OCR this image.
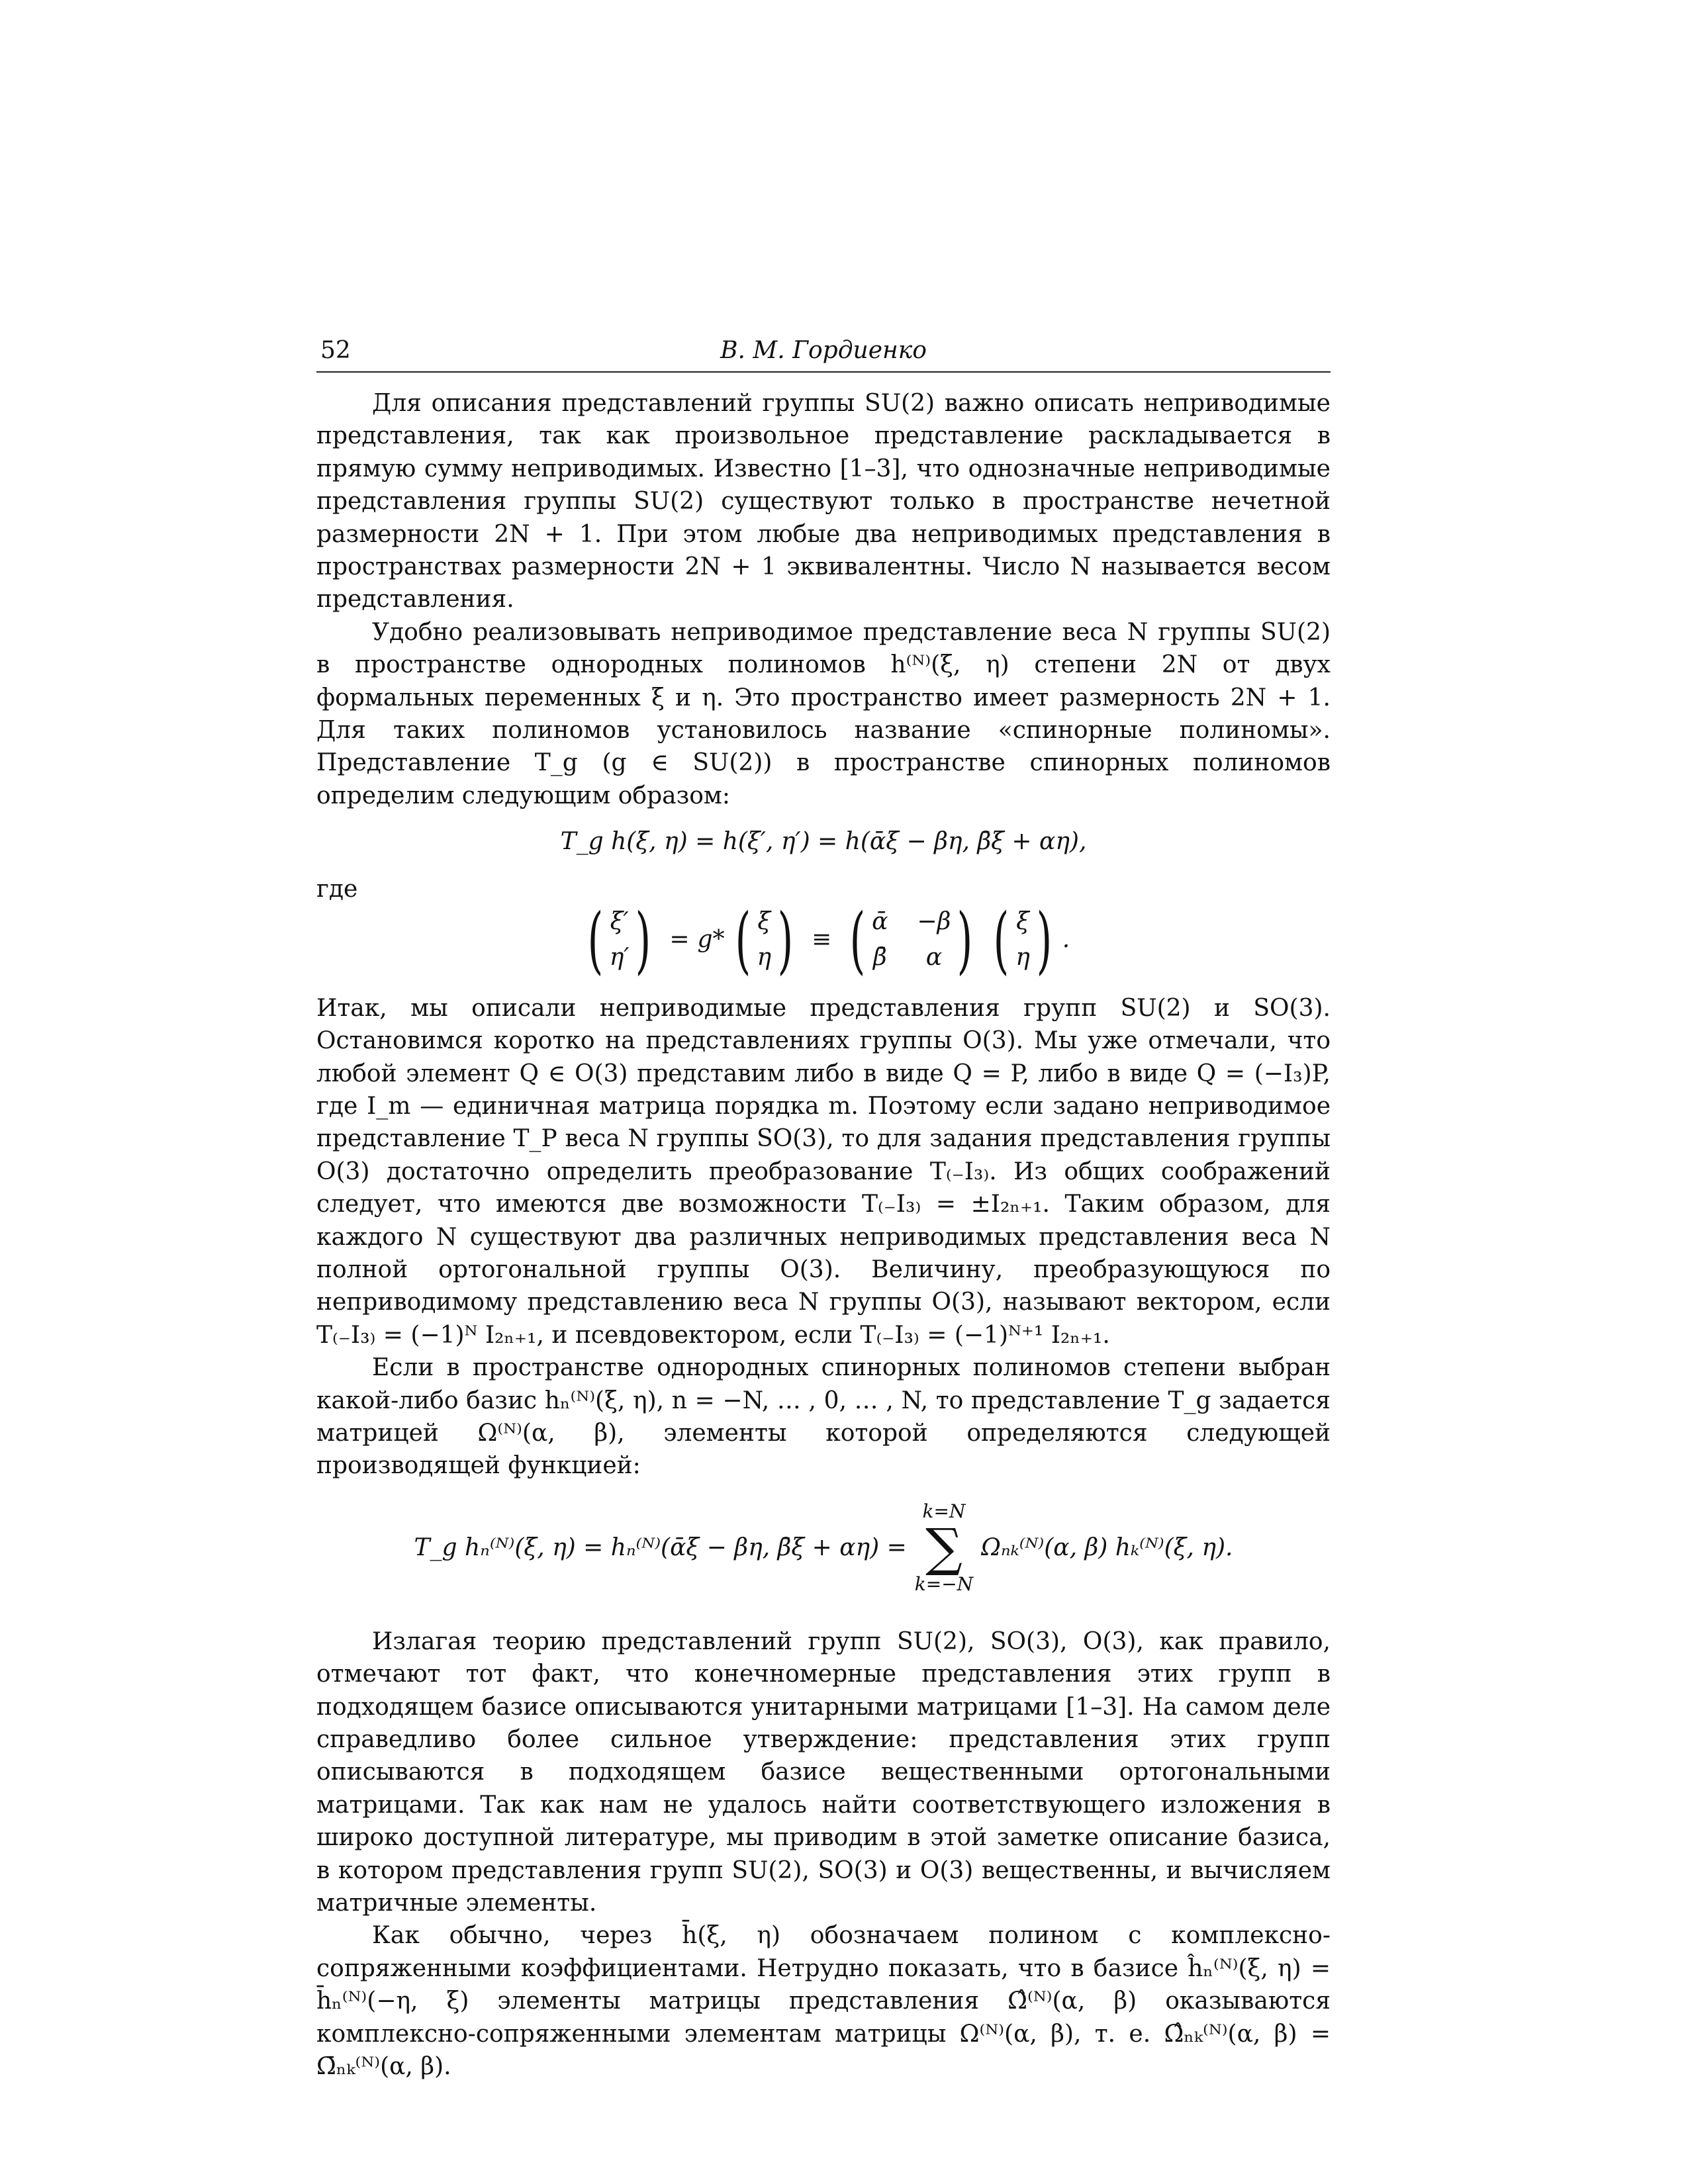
52	В. М. Гордиенко

Для описания представлений группы SU(2) важно описать неприводимые представления, так как произвольное представление раскладывается в прямую сумму неприводимых. Известно [1–3], что однозначные неприводимые представления группы SU(2) существуют только в пространстве нечетной размерности 2N + 1. При этом любые два неприводимых представления в пространствах размерности 2N + 1 эквивалентны. Число N называется весом представления.

Удобно реализовывать неприводимое представление веса N группы SU(2) в пространстве однородных полиномов h⁽ᴺ⁾(ξ, η) степени 2N от двух формальных переменных ξ и η. Это пространство имеет размерность 2N + 1. Для таких полиномов установилось название «спинорные полиномы». Представление T_g (g ∈ SU(2)) в пространстве спинорных полиномов определим следующим образом:

T_g h(ξ, η) = h(ξ′, η′) = h(ᾱξ − βη, β̄ξ + αη),
где
( ξ′
η′ ) = g* ( ξ
η ) ≡ ( ᾱ −β
β̄	α ) ( ξ
η ) .

Итак, мы описали неприводимые представления групп SU(2) и SO(3). Остановимся коротко на представлениях группы O(3). Мы уже отмечали, что любой элемент Q ∈ O(3) представим либо в виде Q = P, либо в виде Q = (−I₃)P, где I_m — единичная матрица порядка m. Поэтому если задано неприводимое представление T_P веса N группы SO(3), то для задания представления группы O(3) достаточно определить преобразование T₍₋I₃₎. Из общих соображений следует, что имеются две возможности T₍₋I₃₎ = ±I₂ₙ₊₁. Таким образом, для каждого N существуют два различных неприводимых представления веса N полной ортогональной группы O(3). Величину, преобразующуюся по неприводимому представлению веса N группы O(3), называют вектором, если T₍₋I₃₎ = (−1)ᴺ I₂ₙ₊₁, и псевдовектором, если T₍₋I₃₎ = (−1)ᴺ⁺¹ I₂ₙ₊₁.

Если в пространстве однородных спинорных полиномов степени выбран какой-либо базис hₙ⁽ᴺ⁾(ξ, η), n = −N, … , 0, … , N, то представление T_g задается матрицей Ω⁽ᴺ⁾(α, β), элементы которой определяются следующей производящей функцией:

T_g hₙ⁽ᴺ⁾(ξ, η) = hₙ⁽ᴺ⁾(ᾱξ − βη, β̄ξ + αη) =
k=N
∑
k=−N
Ωₙₖ⁽ᴺ⁾(α, β) hₖ⁽ᴺ⁾(ξ, η).

Излагая теорию представлений групп SU(2), SO(3), O(3), как правило, отмечают тот факт, что конечномерные представления этих групп в подходящем базисе описываются унитарными матрицами [1–3]. На самом деле справедливо более сильное утверждение: представления этих групп описываются в подходящем базисе вещественными ортогональными матрицами. Так как нам не удалось найти соответствующего изложения в широко доступной литературе, мы приводим в этой заметке описание базиса, в котором представления групп SU(2), SO(3) и O(3) вещественны, и вычисляем матричные элементы.

Как обычно, через h̄(ξ, η) обозначаем полином с комплексно-сопряженными коэффициентами. Нетрудно показать, что в базисе ĥₙ⁽ᴺ⁾(ξ, η) = h̄ₙ⁽ᴺ⁾(−η, ξ) элементы матрицы представления Ω̂⁽ᴺ⁾(α, β) оказываются комплексно-сопряженными элементам матрицы Ω⁽ᴺ⁾(α, β), т. е. Ω̂ₙₖ⁽ᴺ⁾(α, β) = Ω̄ₙₖ⁽ᴺ⁾(α, β).
